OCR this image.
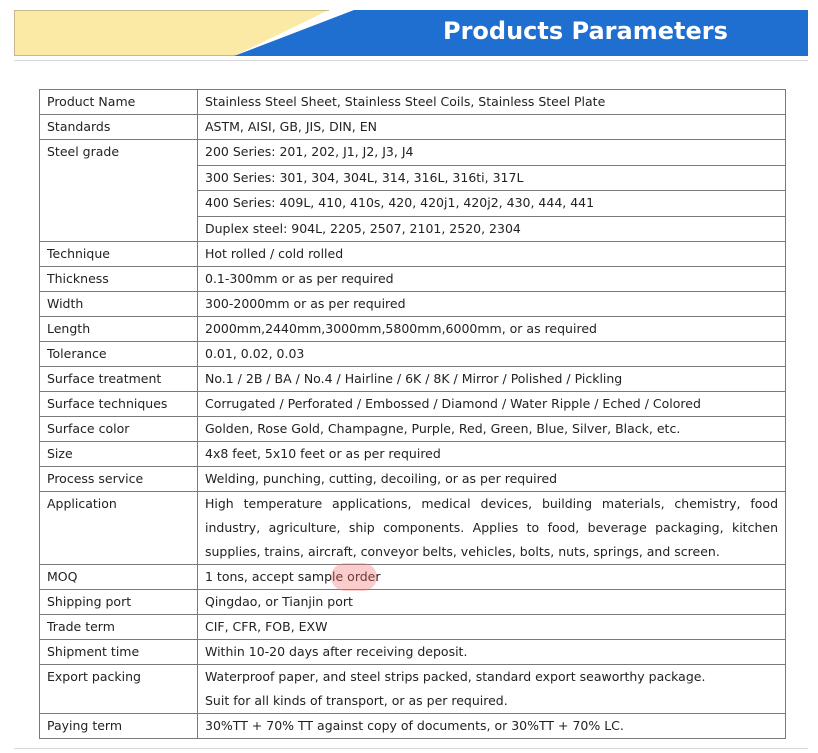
Products Parameters
Product Name	Stainless Steel Sheet, Stainless Steel Coils, Stainless Steel Plate

Standards	ASTM, AISI, GB, JIS, DIN, EN

Steel grade	200 Series: 201, 202, J1, J2, J3, J4
300 Series: 301, 304, 304L, 314, 316L, 316ti, 317L
400 Series: 409L, 410, 410s, 420, 420j1, 420j2, 430, 444, 441
Duplex steel: 904L, 2205, 2507, 2101, 2520, 2304

Technique	Hot rolled / cold rolled

Thickness	0.1-300mm or as per required

Width	300-2000mm or as per required

Length	2000mm,2440mm,3000mm,5800mm,6000mm, or as required

Tolerance	0.01, 0.02, 0.03

Surface treatment	No.1 / 2B / BA / No.4 / Hairline / 6K / 8K / Mirror / Polished / Pickling

Surface techniques	Corrugated / Perforated / Embossed / Diamond / Water Ripple / Eched / Colored

Surface color	Golden, Rose Gold, Champagne, Purple, Red, Green, Blue, Silver, Black, etc.

Size	4x8 feet, 5x10 feet or as per required

Process service	Welding, punching, cutting, decoiling, or as per required

Application	High temperature applications, medical devices, building materials, chemistry, food
industry, agriculture, ship components. Applies to food, beverage packaging, kitchen
supplies, trains, aircraft, conveyor belts, vehicles, bolts, nuts, springs, and screen.

MOQ	1 tons, accept sample order

Shipping port	Qingdao, or Tianjin port

Trade term	CIF, CFR, FOB, EXW

Shipment time	Within 10-20 days after receiving deposit.

Export packing	Waterproof paper, and steel strips packed, standard export seaworthy package.
Suit for all kinds of transport, or as per required.

Paying term	30%TT + 70% TT against copy of documents, or 30%TT + 70% LC.
